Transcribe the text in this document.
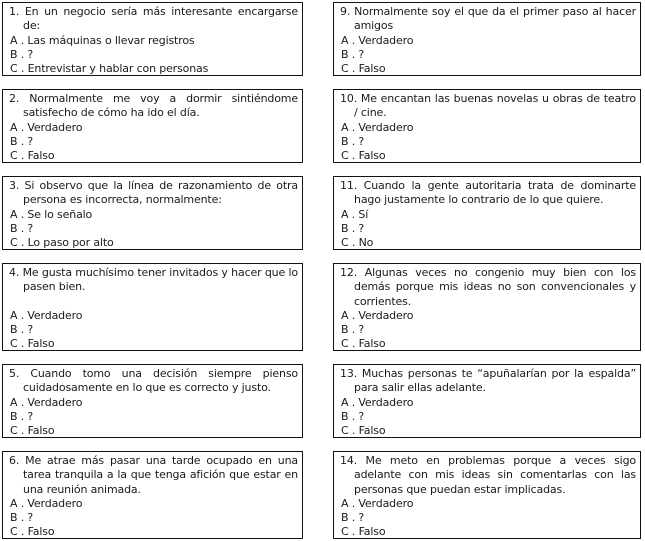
1. En un negocio sería más interesante encargarse de:

A . Las máquinas o llevar registros

B . ?

C . Entrevistar y hablar con personas

2. Normalmente me voy a dormir sintiéndome satisfecho de cómo ha ido el día.

A . Verdadero

B . ?

C . Falso

3. Si observo que la línea de razonamiento de otra persona es incorrecta, normalmente:

A . Se lo señalo

B . ?

C . Lo paso por alto

4. Me gusta muchísimo tener invitados y hacer que lo pasen bien.

A . Verdadero

B . ?

C . Falso

5. Cuando tomo una decisión siempre pienso cuidadosamente en lo que es correcto y justo.

A . Verdadero

B . ?

C . Falso

6. Me atrae más pasar una tarde ocupado en una tarea tranquila a la que tenga afición que estar en una reunión animada.

A . Verdadero

B . ?

C . Falso

9. Normalmente soy el que da el primer paso al hacer amigos

A . Verdadero

B . ?

C . Falso

10. Me encantan las buenas novelas u obras de teatro / cine.

A . Verdadero

B . ?

C . Falso

11. Cuando la gente autoritaria trata de dominarte hago justamente lo contrario de lo que quiere.

A . Sí

B . ?

C . No

12. Algunas veces no congenio muy bien con los demás porque mis ideas no son convencionales y corrientes.

A . Verdadero

B . ?

C . Falso

13. Muchas personas te “apuñalarían por la espalda” para salir ellas adelante.

A . Verdadero

B . ?

C . Falso

14. Me meto en problemas porque a veces sigo adelante con mis ideas sin comentarlas con las personas que puedan estar implicadas.

A . Verdadero

B . ?

C . Falso
